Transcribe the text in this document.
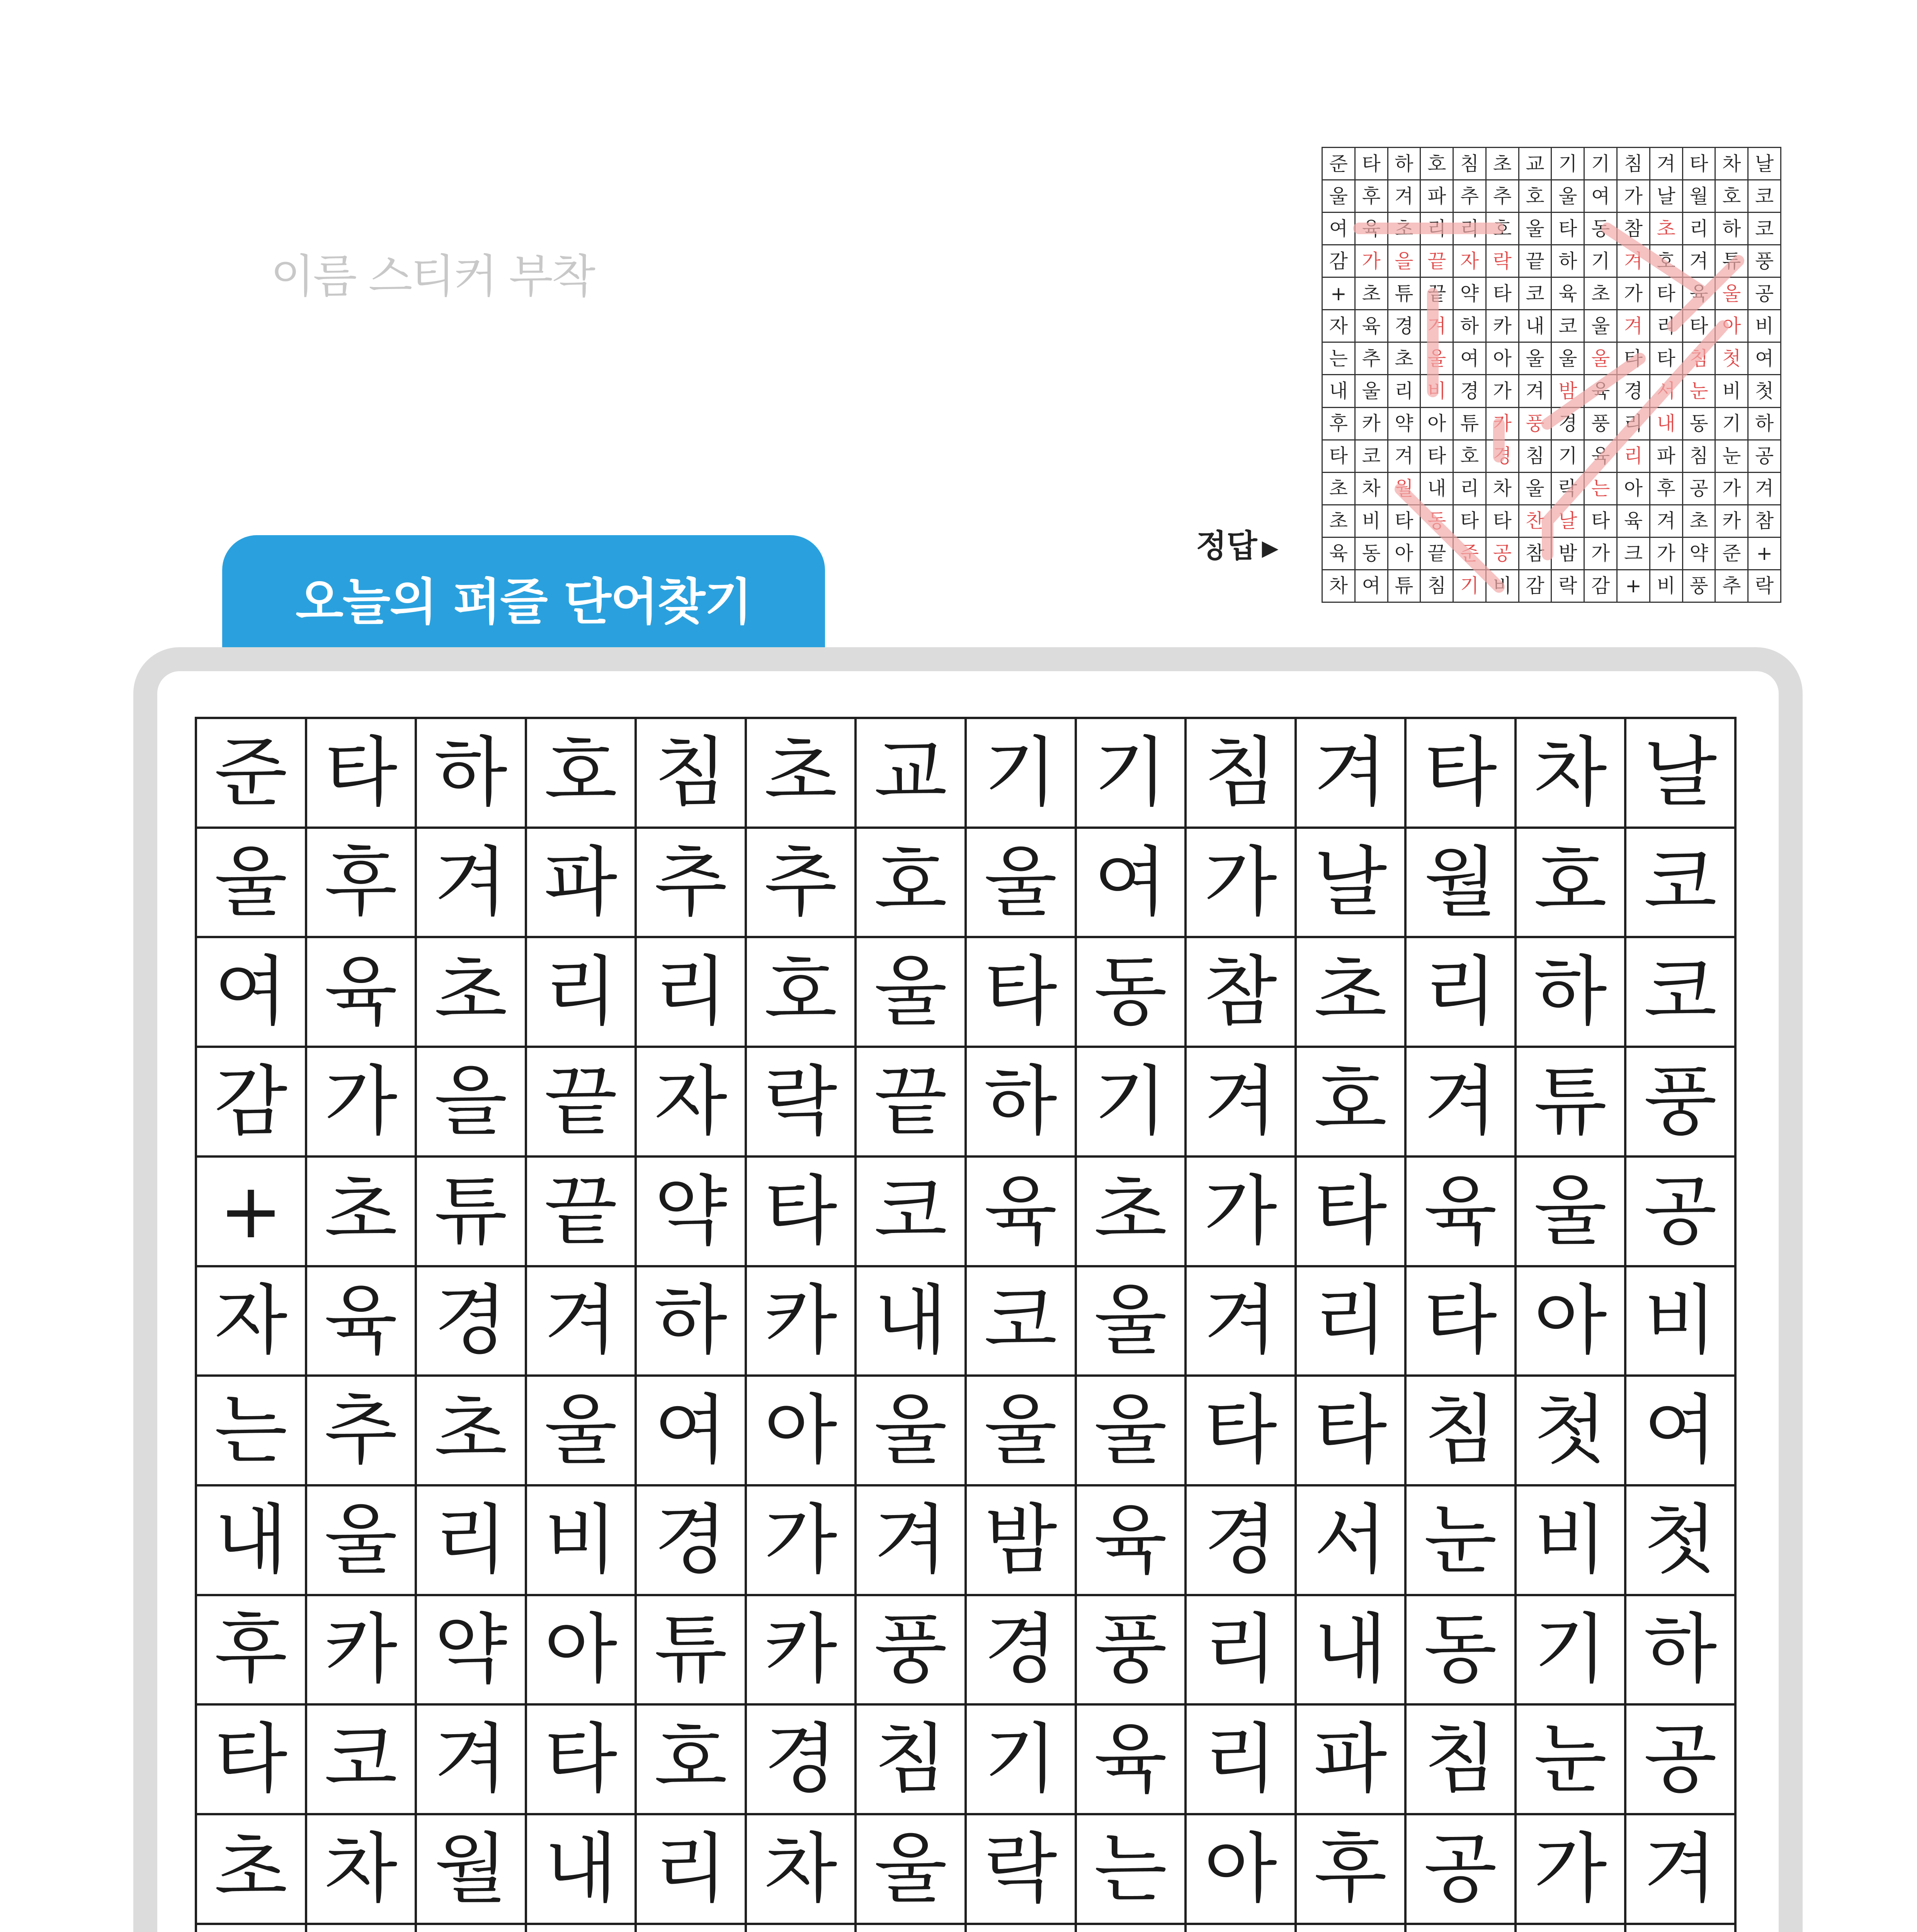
이름 스티커 부착
정답 ▶
준	타	하	호	침	초	교	기	기	침	겨	타	차	날
울	후	겨	파	추	추	호	울	여	가	날	월	호	코
여	육	초	리	리	호	울	타	동	참	초	리	하	코
감	가	을	끝	자	락	끝	하	기	겨	호	겨	튜	풍
+	초	튜	끝	약	타	코	육	초	가	타	육	울	공
자	육	경	겨	하	카	내	코	울	겨	리	타	아	비
는	추	초	울	여	아	울	울	울	타	타	침	첫	여
내	울	리	비	경	가	겨	밤	육	경	서	눈	비	첫
후	카	약	아	튜	카	풍	경	풍	리	내	동	기	하
타	코	겨	타	호	경	침	기	육	리	파	침	눈	공
초	차	월	내	리	차	울	락	는	아	후	공	가	겨
초	비	타	동	타	타	찬	날	타	육	겨	초	카	참
육	동	아	끝	준	공	참	밤	가	크	가	약	준	+
차	여	튜	침	기	비	감	락	감	+	비	풍	추	락
오늘의 퍼즐 단어찾기
준	타	하	호	침	초	교	기	기	침	겨	타	차	날
울	후	겨	파	추	추	호	울	여	가	날	월	호	코
여	육	초	리	리	호	울	타	동	참	초	리	하	코
감	가	을	끝	자	락	끝	하	기	겨	호	겨	튜	풍
+	초	튜	끝	약	타	코	육	초	가	타	육	울	공
자	육	경	겨	하	카	내	코	울	겨	리	타	아	비
는	추	초	울	여	아	울	울	울	타	타	침	첫	여
내	울	리	비	경	가	겨	밤	육	경	서	눈	비	첫
후	카	약	아	튜	카	풍	경	풍	리	내	동	기	하
타	코	겨	타	호	경	침	기	육	리	파	침	눈	공
초	차	월	내	리	차	울	락	는	아	후	공	가	겨
